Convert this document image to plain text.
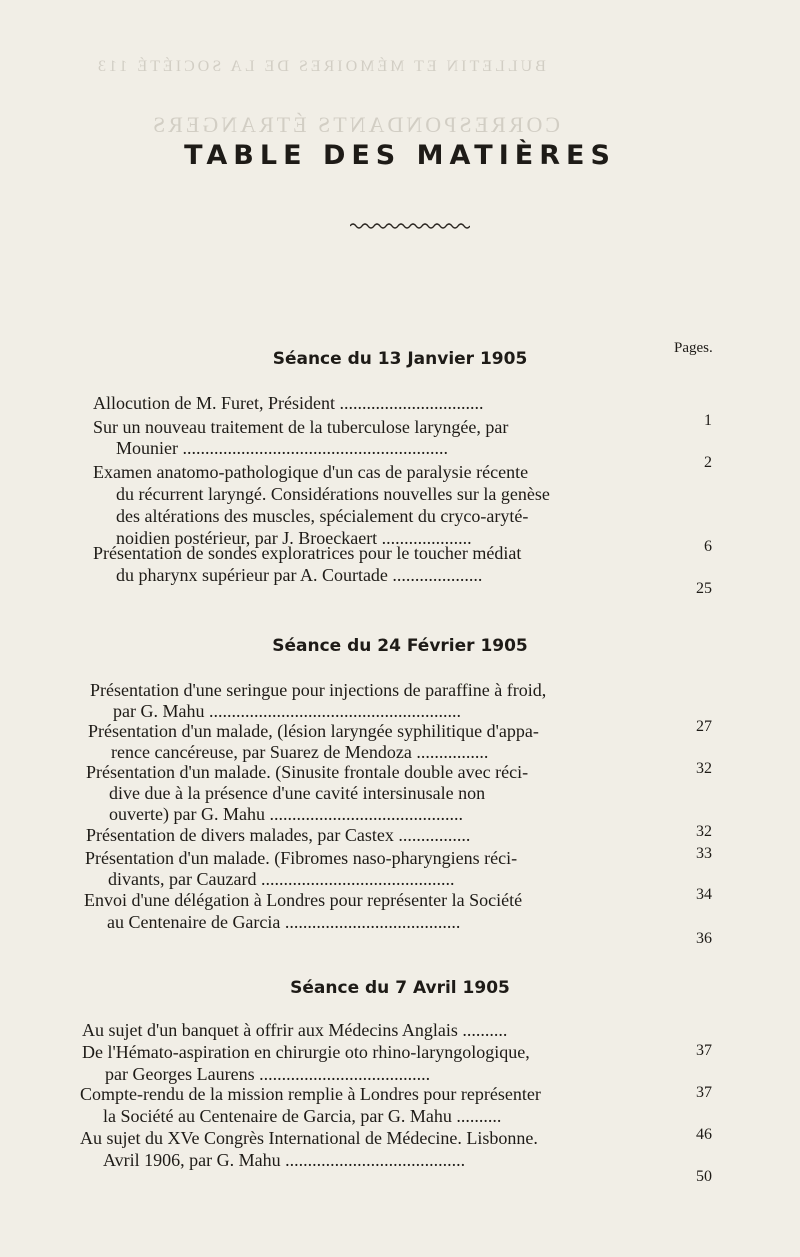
BULLETIN ET MÉMOIRES DE LA SOCIÉTÉ 113
CORRESPONDANTS ÉTRANGERS
TABLE DES MATIÈRES
Pages.
Séance du 13 Janvier 1905
Allocution de M. Furet, Président ................................
1
Sur un nouveau traitement de la tuberculose laryngée, par
Mounier ...........................................................
2
Examen anatomo-pathologique d'un cas de paralysie récente
du récurrent laryngé. Considérations nouvelles sur la genèse
des altérations des muscles, spécialement du cryco-aryté-
noidien postérieur, par J. Broeckaert ....................	6
Présentation de sondes exploratrices pour le toucher médiat
du pharynx supérieur par A. Courtade ....................
25
Séance du 24 Février 1905
Présentation d'une seringue pour injections de paraffine à froid,
par G. Mahu ........................................................
27
Présentation d'un malade, (lésion laryngée syphilitique d'appa-
rence cancéreuse, par Suarez de Mendoza ................
32
Présentation d'un malade. (Sinusite frontale double avec réci-
dive due à la présence d'une cavité intersinusale non
ouverte) par G. Mahu ...........................................
32
Présentation de divers malades, par Castex ................
33
Présentation d'un malade. (Fibromes naso-pharyngiens réci-
divants, par Cauzard ...........................................
34
Envoi d'une délégation à Londres pour représenter la Société
au Centenaire de Garcia .......................................
36
Séance du 7 Avril 1905
Au sujet d'un banquet à offrir aux Médecins Anglais ..........
37
De l'Hémato-aspiration en chirurgie oto rhino-laryngologique,
par Georges Laurens ......................................
37
Compte-rendu de la mission remplie à Londres pour représenter
la Société au Centenaire de Garcia, par G. Mahu ..........
46
Au sujet du XVe Congrès International de Médecine. Lisbonne.
Avril 1906, par G. Mahu ........................................
50
